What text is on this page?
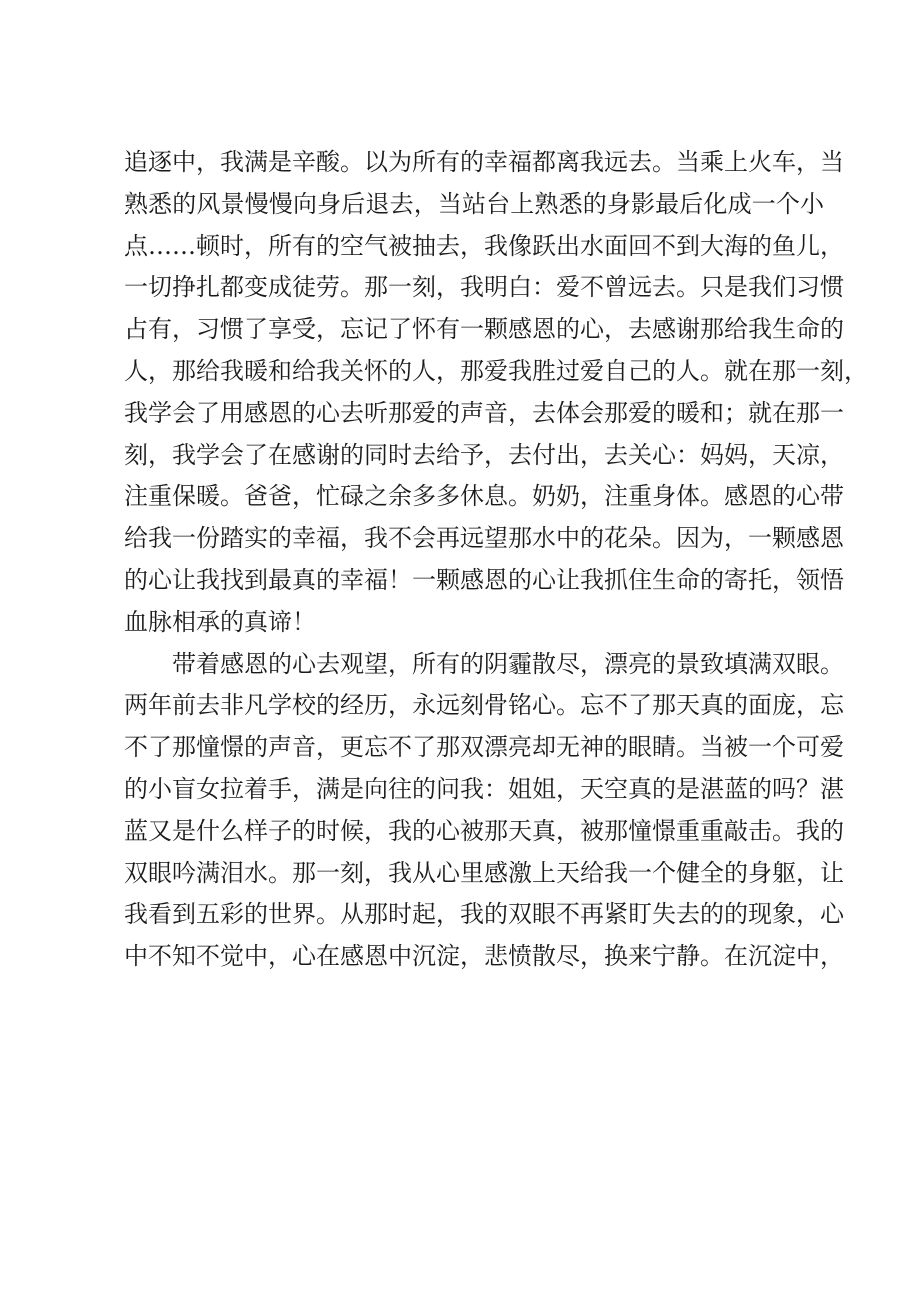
追逐中，我满是辛酸。以为所有的幸福都离我远去。当乘上火车，当
熟悉的风景慢慢向身后退去，当站台上熟悉的身影最后化成一个小
点……顿时，所有的空气被抽去，我像跃出水面回不到大海的鱼儿，
一切挣扎都变成徒劳。那一刻，我明白：爱不曾远去。只是我们习惯
占有，习惯了享受，忘记了怀有一颗感恩的心，去感谢那给我生命的
人，那给我暖和给我关怀的人，那爱我胜过爱自己的人。就在那一刻，
我学会了用感恩的心去听那爱的声音，去体会那爱的暖和；就在那一
刻，我学会了在感谢的同时去给予，去付出，去关心：妈妈，天凉，
注重保暖。爸爸，忙碌之余多多休息。奶奶，注重身体。感恩的心带
给我一份踏实的幸福，我不会再远望那水中的花朵。因为，一颗感恩
的心让我找到最真的幸福！一颗感恩的心让我抓住生命的寄托，领悟
血脉相承的真谛！
带着感恩的心去观望，所有的阴霾散尽，漂亮的景致填满双眼。
两年前去非凡学校的经历，永远刻骨铭心。忘不了那天真的面庞，忘
不了那憧憬的声音，更忘不了那双漂亮却无神的眼睛。当被一个可爱
的小盲女拉着手，满是向往的问我：姐姐，天空真的是湛蓝的吗？湛
蓝又是什么样子的时候，我的心被那天真，被那憧憬重重敲击。我的
双眼吟满泪水。那一刻，我从心里感激上天给我一个健全的身躯，让
我看到五彩的世界。从那时起，我的双眼不再紧盯失去的的现象，心
中不知不觉中，心在感恩中沉淀，悲愤散尽，换来宁静。在沉淀中，
